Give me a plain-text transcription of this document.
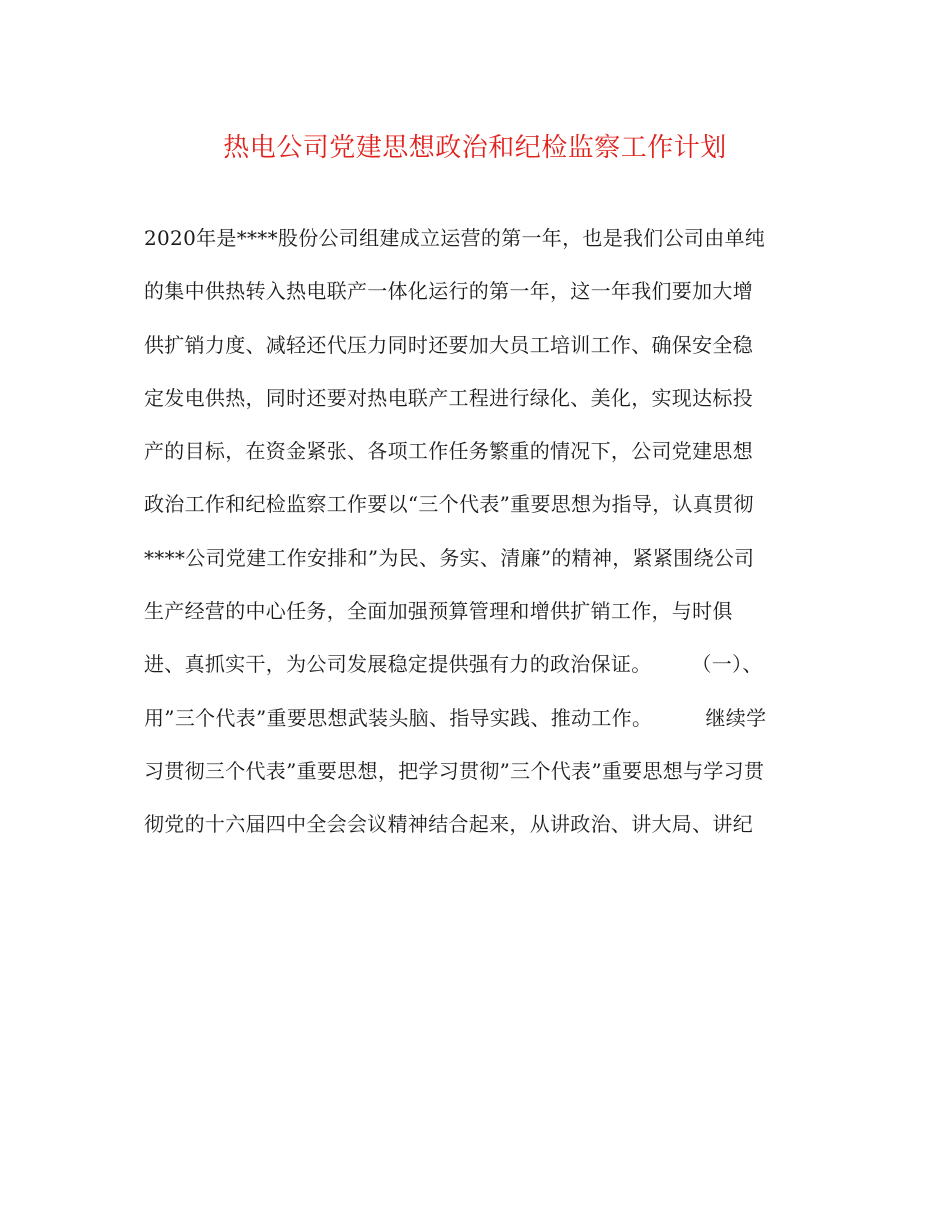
热电公司党建思想政治和纪检监察工作计划
2020年是****股份公司组建成立运营的第一年，也是我们公司由单纯
的集中供热转入热电联产一体化运行的第一年，这一年我们要加大增
供扩销力度、减轻还代压力同时还要加大员工培训工作、确保安全稳
定发电供热，同时还要对热电联产工程进行绿化、美化，实现达标投
产的目标，在资金紧张、各项工作任务繁重的情况下，公司党建思想
政治工作和纪检监察工作要以“三个代表”重要思想为指导，认真贯彻
****公司党建工作安排和”为民、务实、清廉”的精神，紧紧围绕公司
生产经营的中心任务，全面加强预算管理和增供扩销工作，与时俱
进、真抓实干，为公司发展稳定提供强有力的政治保证。      （一）、
用”三个代表”重要思想武装头脑、指导实践、推动工作。        继续学
习贯彻三个代表”重要思想，把学习贯彻”三个代表”重要思想与学习贯
彻党的十六届四中全会会议精神结合起来，从讲政治、讲大局、讲纪
